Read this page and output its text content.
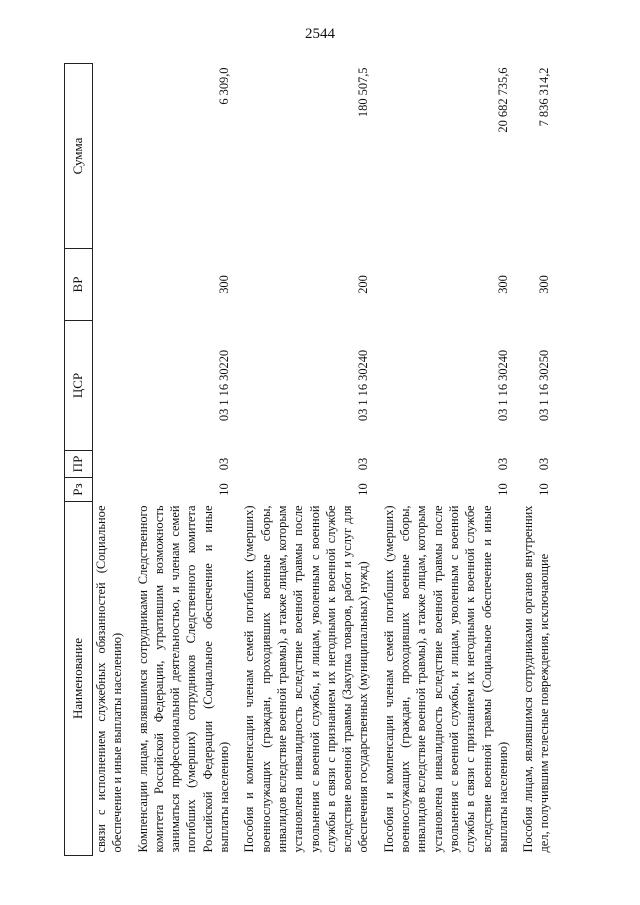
2544
Наименование	Рз	ПР	ЦСР	ВР	Сумма
связи с исполнением служебных обязанностей (Социальное обеспечение и иные выплаты населению)					

Компенсации лицам, являвшимся сотрудниками Следственного комитета Российской Федерации, утратившим возможность заниматься профессиональной деятельностью, и членам семей погибших (умерших) сотрудников Следственного комитета Российской Федерации (Социальное обеспечение и иные выплаты населению)	10	03	03 1 16 30220	300	6 309,0

Пособия и компенсации членам семей погибших (умерших) военнослужащих (граждан, проходивших военные сборы, инвалидов вследствие военной травмы), а также лицам, которым установлена инвалидность вследствие военной травмы после увольнения с военной службы, и лицам, уволенным с военной службы в связи с признанием их негодными к военной службе вследствие военной травмы (Закупка товаров, работ и услуг для обеспечения государственных (муниципальных) нужд)	10	03	03 1 16 30240	200	180 507,5

Пособия и компенсации членам семей погибших (умерших) военнослужащих (граждан, проходивших военные сборы, инвалидов вследствие военной травмы), а также лицам, которым установлена инвалидность вследствие военной травмы после увольнения с военной службы, и лицам, уволенным с военной службы в связи с признанием их негодными к военной службе вследствие военной травмы (Социальное обеспечение и иные выплаты населению)	10	03	03 1 16 30240	300	20 682 735,6

Пособия лицам, являвшимся сотрудниками органов внутренних дел, получившим телесные повреждения, исключающие	10	03	03 1 16 30250	300	7 836 314,2
